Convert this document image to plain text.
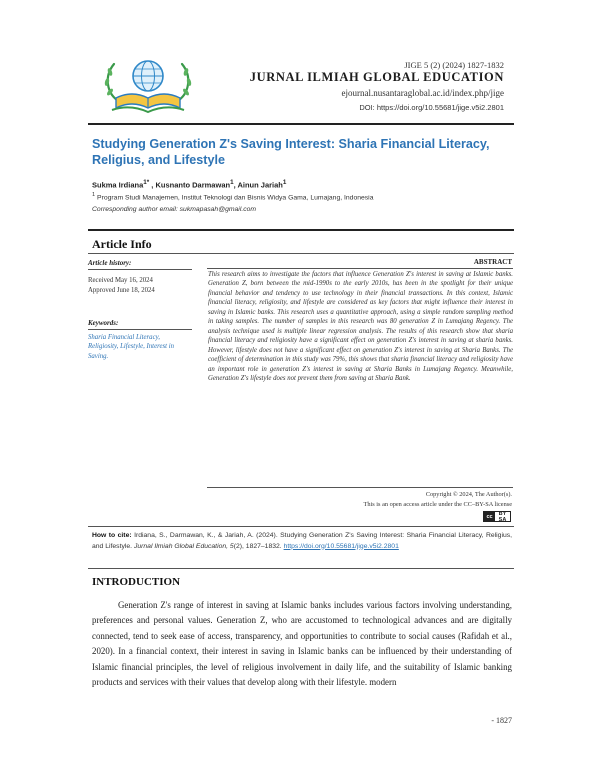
JIGE 5 (2) (2024) 1827-1832
JURNAL ILMIAH GLOBAL EDUCATION
ejournal.nusantaraglobal.ac.id/index.php/jige
DOI: https://doi.org/10.55681/jige.v5i2.2801
Studying Generation Z's Saving Interest: Sharia Financial Literacy, Religius, and Lifestyle
Sukma Irdiana$^{1*}$ , Kusnanto Darmawan$^1$, Ainun Jariah$^1$
$^1$ Program Studi Manajemen, Institut Teknologi dan Bisnis Widya Gama, Lumajang, Indonesia
Corresponding author email: sukmapasah@gmail.com
Article Info
Article history:
Received May 16, 2024
Approved June 18, 2024
Keywords:
Sharia Financial Literacy, Religiosity, Lifestyle, Interest in Saving.
ABSTRACT
This research aims to investigate the factors that influence Generation Z's interest in saving at Islamic banks. Generation Z, born between the mid-1990s to the early 2010s, has been in the spotlight for their unique financial behavior and tendency to use technology in their financial transactions. In this context, Islamic financial literacy, religiosity, and lifestyle are considered as key factors that might influence their interest in saving in Islamic banks. This research uses a quantitative approach, using a simple random sampling method in taking samples. The number of samples in this research was 80 generation Z in Lumajang Regency. The analysis technique used is multiple linear regression analysis. The results of this research show that sharia financial literacy and religiosity have a significant effect on generation Z's interest in saving at sharia banks. However, lifestyle does not have a significant effect on generation Z's interest in saving at Sharia Banks. The coefficient of determination in this study was 79%, this shows that sharia financial literacy and religiosity have an important role in generation Z's interest in saving at Sharia Banks in Lumajang Regency. Meanwhile, Generation Z's lifestyle does not prevent them from saving at Sharia Bank.
Copyright © 2024, The Author(s).
This is an open access article under the CC–BY-SA license
cc	BY SA
How to cite: Irdiana, S., Darmawan, K., & Jariah, A. (2024). Studying Generation Z's Saving Interest: Sharia Financial Literacy, Religius, and Lifestyle. Jurnal Ilmiah Global Education, 5(2), 1827–1832. https://doi.org/10.55681/jige.v5i2.2801
INTRODUCTION
Generation Z's range of interest in saving at Islamic banks includes various factors involving understanding, preferences and personal values. Generation Z, who are accustomed to technological advances and are digitally connected, tend to seek ease of access, transparency, and opportunities to contribute to social causes (Rafidah et al., 2020). In a financial context, their interest in saving in Islamic banks can be influenced by their understanding of Islamic financial principles, the level of religious involvement in daily life, and the suitability of Islamic banking products and services with their values that develop along with their lifestyle. modern
- 1827
